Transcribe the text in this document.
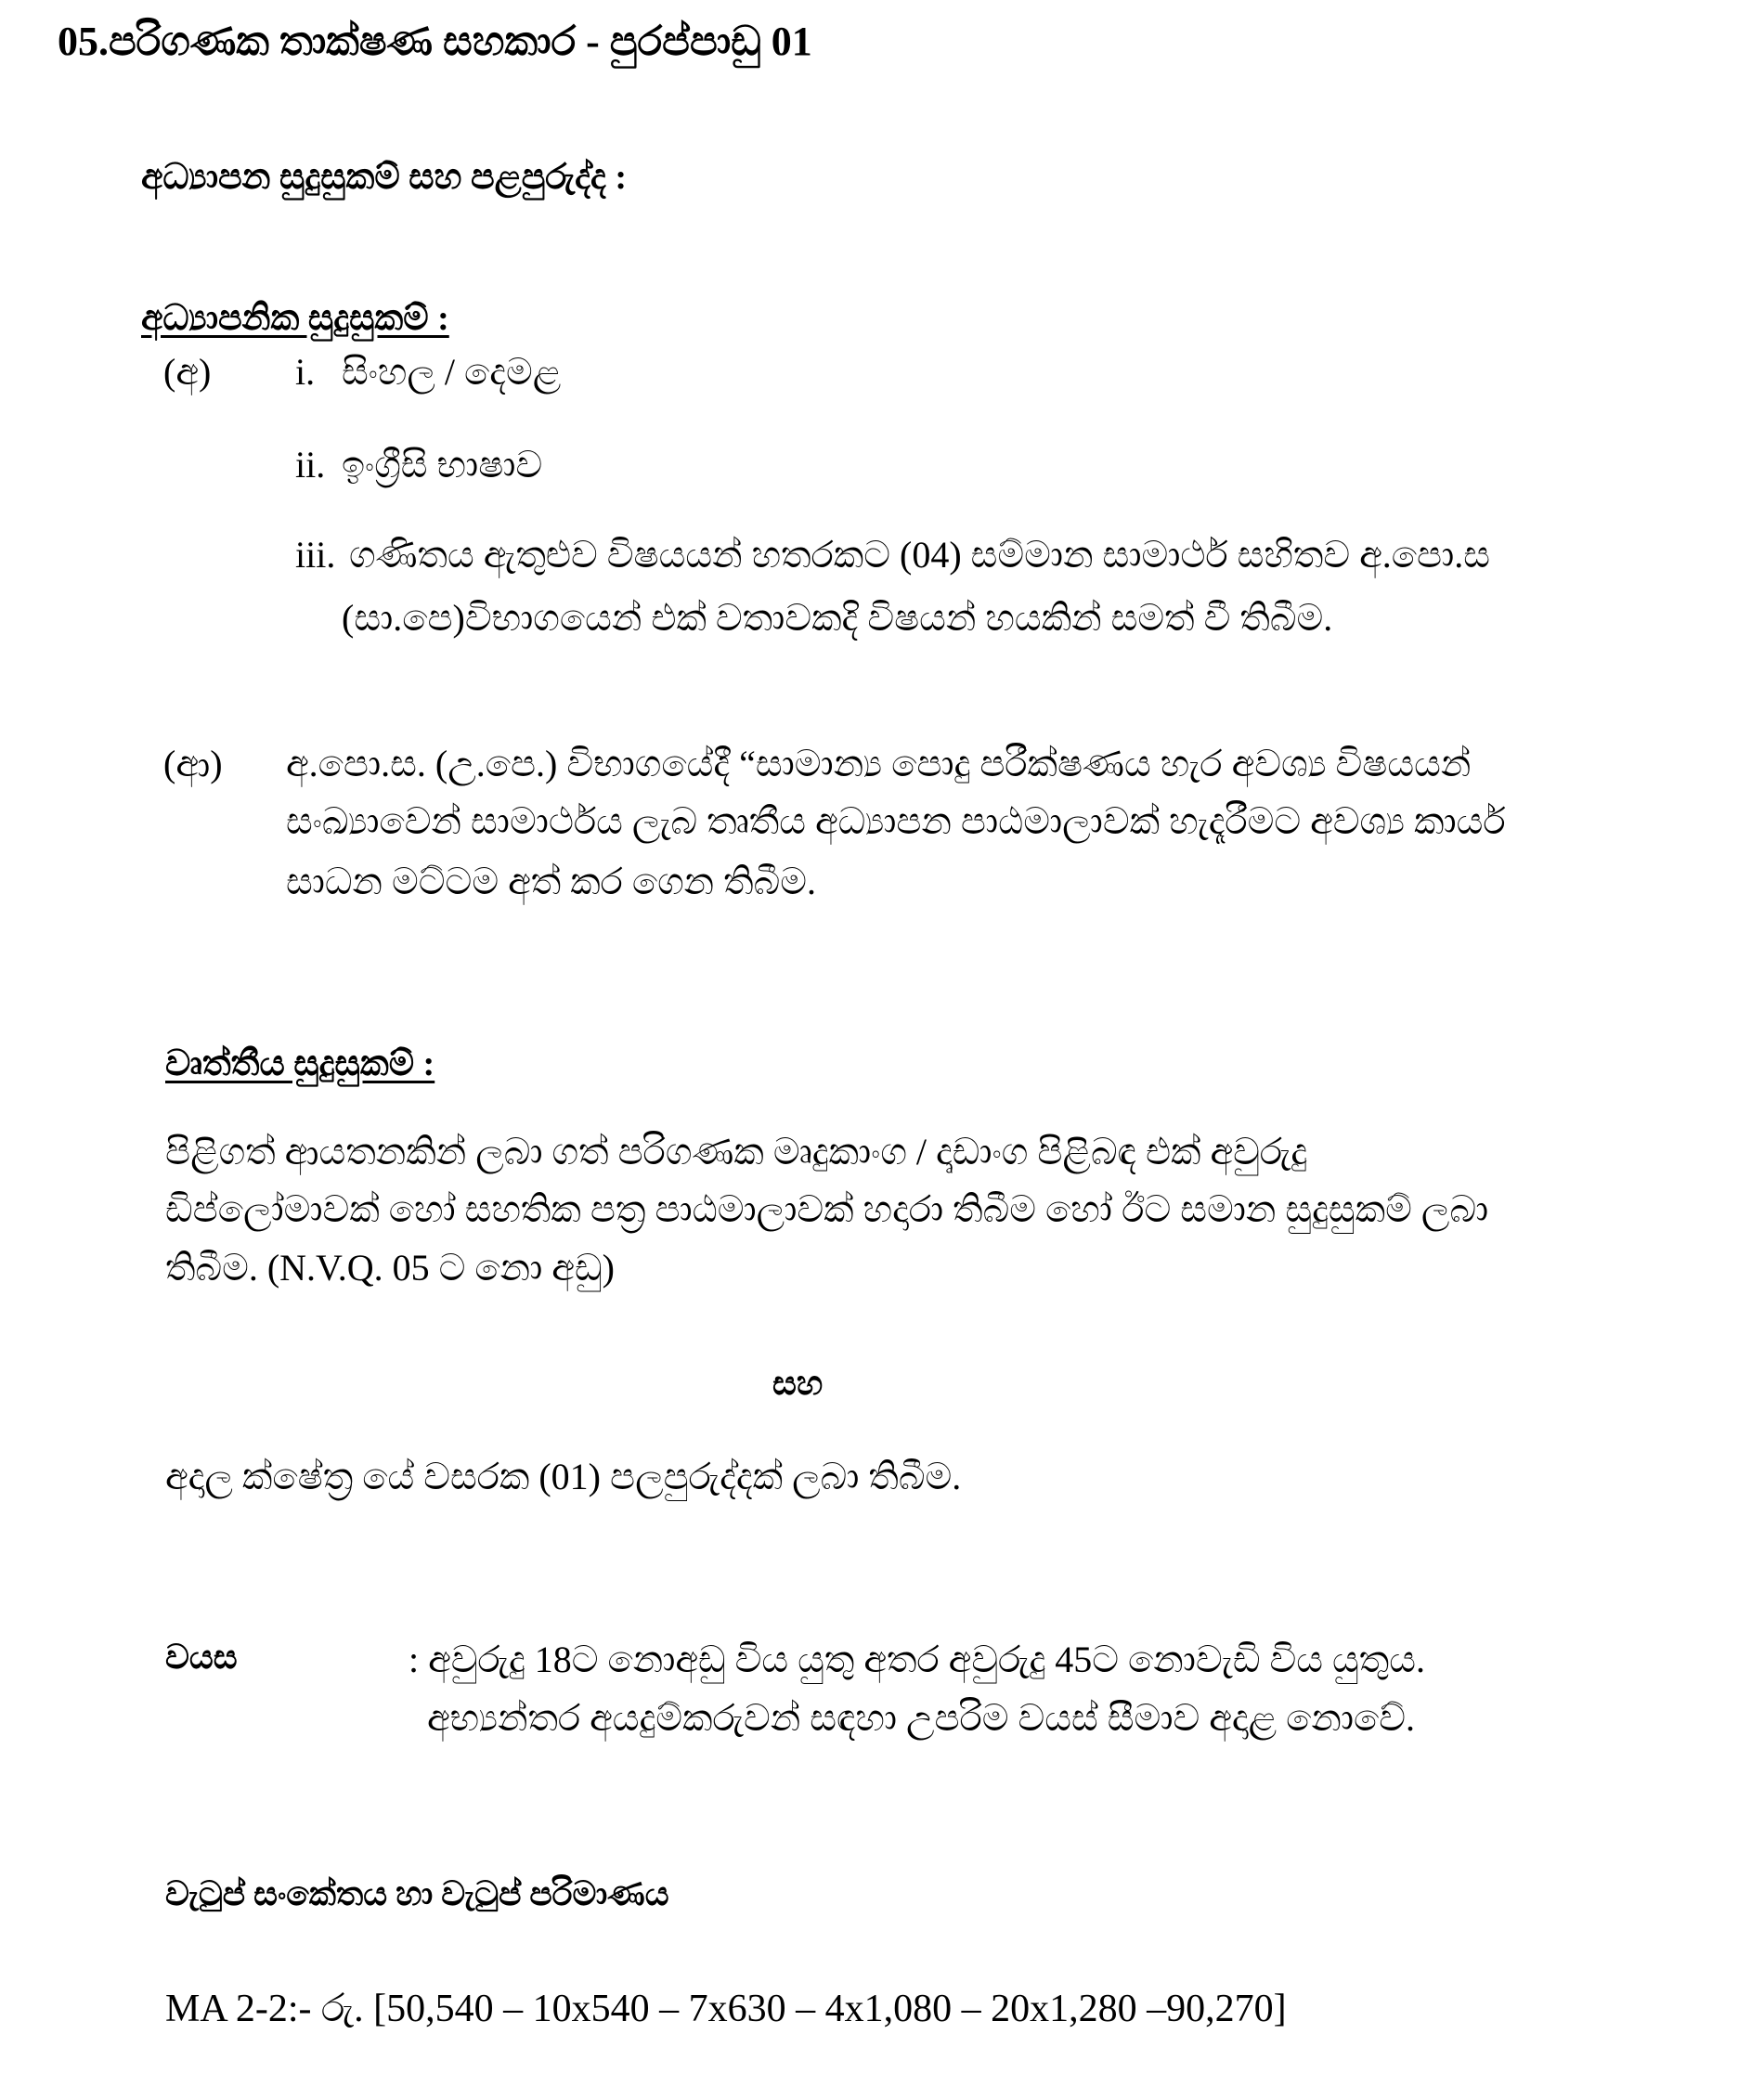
05.පරිගණක තාක්ෂණ සහකාර - පුරප්පාඩු 01
අධ්‍යාපන සුදුසුකම් සහ පළපුරුද්ද :
අධ්‍යාපනික සුදුසුකම් :
(අ) i. සිංහල / දෙමළ
ii. ඉංග්‍රීසි භාෂාව
iii. ගණිතය ඇතුළුව විෂයයන් හතරකට (04) සම්මාන සාමාර්ථ සහිතව අ.පො.ස
(සා.පෙ)විභාගයෙන් එක් වතාවකදි විෂයන් හයකින් සමත් වී තිබීම.
(ආ) අ.පො.ස. (උ.පෙ.) විභාගයේදී “සාමාන්‍ය පොදු පරීක්ෂණය හැර අවශ්‍ය විෂයයන්
සංඛ්‍යාවෙන් සාමාර්ථය ලැබ තෘතීය අධ්‍යාපන පාඨමාලාවක් හැදෑරීමට අවශ්‍ය කාර්ය
සාධන මට්ටම අත් කර ගෙන තිබීම.
වෘත්තීය සුදුසුකම් :
පිළිගත් ආයතනකින් ලබා ගත් පරිගණක මෘදුකාංග / දෘඩාංග පිළිබඳ එක් අවුරුදු
ඩිප්ලෝමාවක් හෝ සහතික පත්‍ර පාඨමාලාවක් හදාරා තිබීම හෝ ඊට සමාන සුදුසුකම් ලබා
තිබීම. (N.V.Q. 05 ට නො අඩු)
සහ
අදාල ක්ෂේත්‍ර යේ වසරක (01) පලපුරුද්දක් ලබා තිබීම.
වයස	: අවුරුදු 18ට නොඅඩු විය යුතු අතර අවුරුදු 45ට නොවැඩි විය යුතුය.
අභ්‍යන්තර අයදුම්කරුවන් සඳහා උපරිම වයස් සීමාව අදාළ නොවේ.
වැටුප් සංකේතය හා වැටුප් පරිමාණය
MA 2-2:- රු. [50,540 – 10x540 – 7x630 – 4x1,080 – 20x1,280 –90,270]
